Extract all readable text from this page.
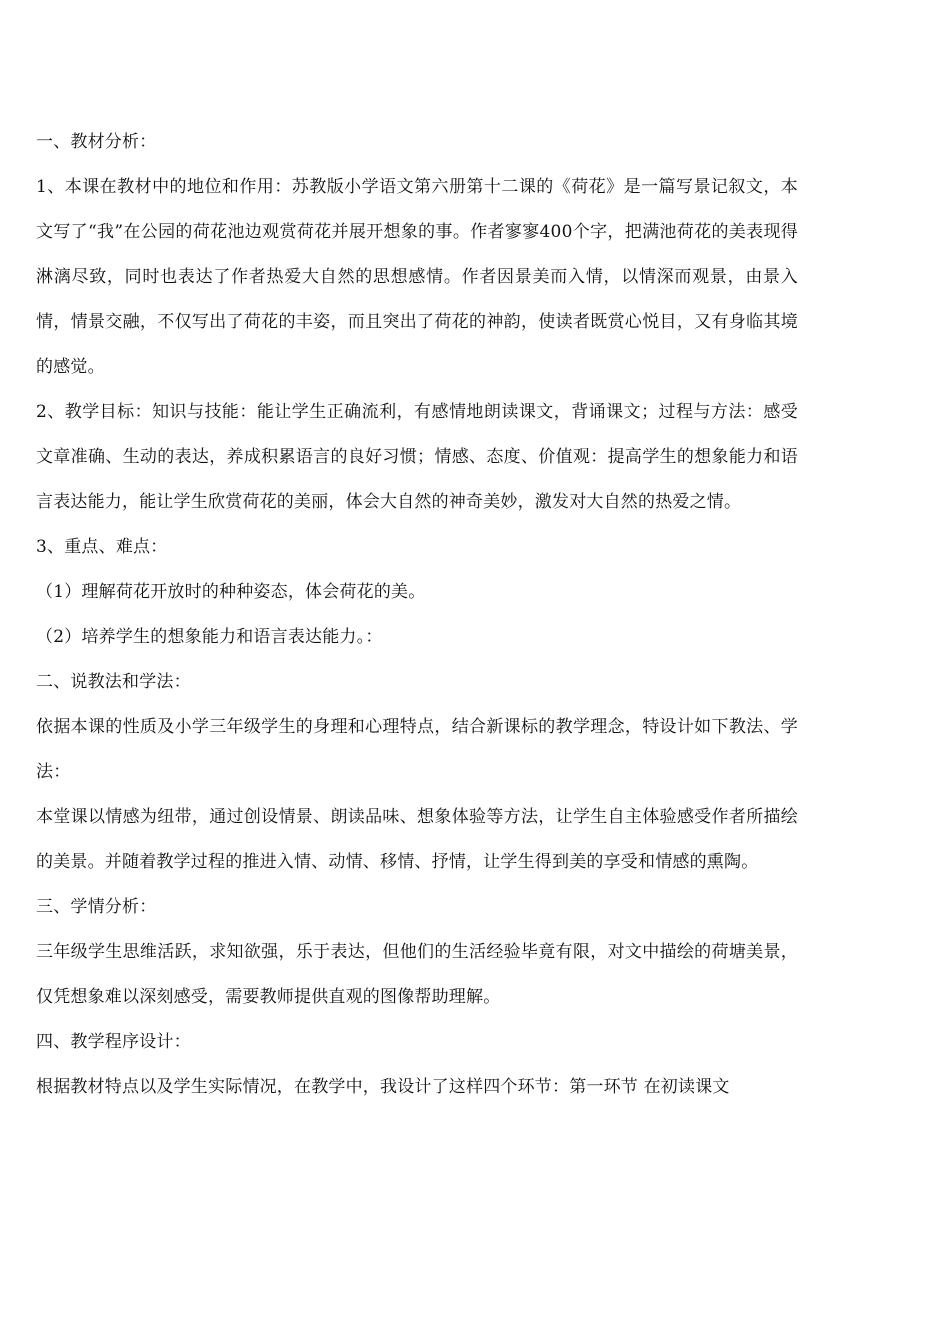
一、教材分析：

1、本课在教材中的地位和作用：苏教版小学语文第六册第十二课的《荷花》是一篇写景记叙文，本文写了“我”在公园的荷花池边观赏荷花并展开想象的事。作者寥寥400个字，把满池荷花的美表现得淋漓尽致，同时也表达了作者热爱大自然的思想感情。作者因景美而入情，以情深而观景，由景入情，情景交融，不仅写出了荷花的丰姿，而且突出了荷花的神韵，使读者既赏心悦目，又有身临其境的感觉。

2、教学目标：知识与技能：能让学生正确流利，有感情地朗读课文，背诵课文；过程与方法：感受文章准确、生动的表达，养成积累语言的良好习惯；情感、态度、价值观：提高学生的想象能力和语言表达能力，能让学生欣赏荷花的美丽，体会大自然的神奇美妙，激发对大自然的热爱之情。

3、重点、难点：

（1）理解荷花开放时的种种姿态，体会荷花的美。

（2）培养学生的想象能力和语言表达能力。：

二、说教法和学法：

依据本课的性质及小学三年级学生的身理和心理特点，结合新课标的教学理念，特设计如下教法、学法：

本堂课以情感为纽带，通过创设情景、朗读品味、想象体验等方法，让学生自主体验感受作者所描绘的美景。并随着教学过程的推进入情、动情、移情、抒情，让学生得到美的享受和情感的熏陶。

三、学情分析：

三年级学生思维活跃，求知欲强，乐于表达，但他们的生活经验毕竟有限，对文中描绘的荷塘美景，仅凭想象难以深刻感受，需要教师提供直观的图像帮助理解。

四、教学程序设计：

根据教材特点以及学生实际情况，在教学中，我设计了这样四个环节：第一环节 在初读课文
